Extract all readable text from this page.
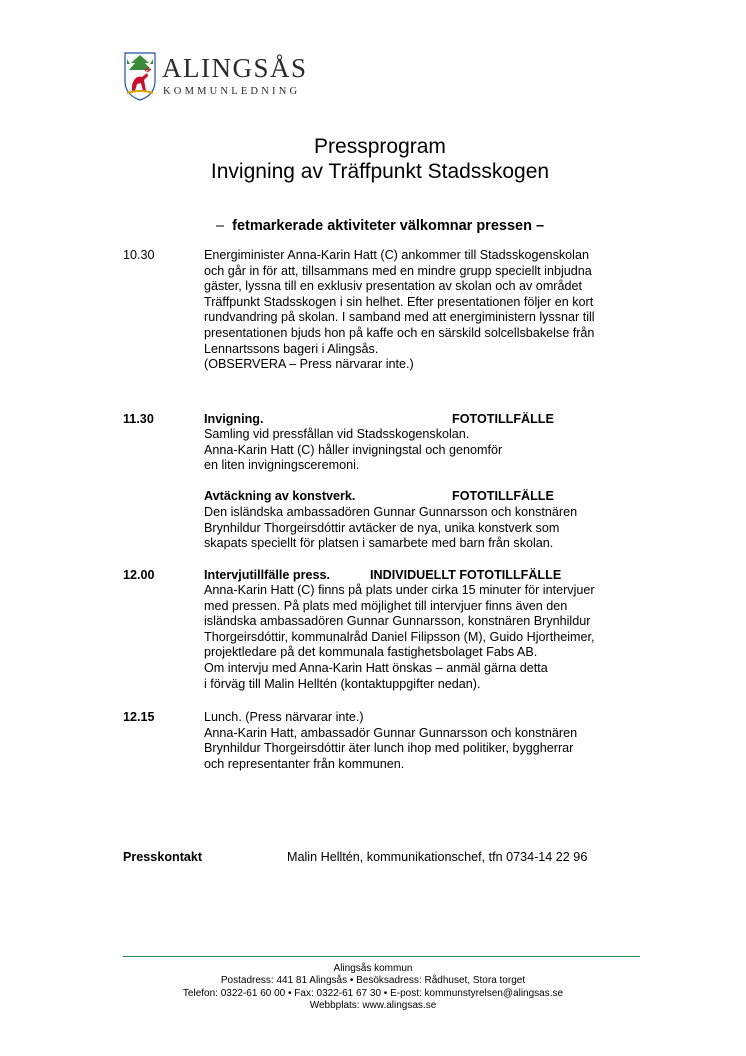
ALINGSÅS
KOMMUNLEDNING
Pressprogram
Invigning av Träffpunkt Stadsskogen
– fetmarkerade aktiviteter välkomnar pressen –
10.30	Energiminister Anna-Karin Hatt (C) ankommer till Stadsskogenskolan
och går in för att, tillsammans med en mindre grupp speciellt inbjudna
gäster, lyssna till en exklusiv presentation av skolan och av området
Träffpunkt Stadsskogen i sin helhet. Efter presentationen följer en kort
rundvandring på skolan. I samband med att energiministern lyssnar till
presentationen bjuds hon på kaffe och en särskild solcellsbakelse från
Lennartssons bageri i Alingsås.
(OBSERVERA – Press närvarar inte.)
11.30	Invigning.	FOTOTILLFÄLLE
Samling vid pressfållan vid Stadsskogenskolan.
Anna-Karin Hatt (C) håller invigningstal och genomför
en liten invigningsceremoni.
Avtäckning av konstverk.	FOTOTILLFÄLLE
Den isländska ambassadören Gunnar Gunnarsson och konstnären
Brynhildur Thorgeirsdóttir avtäcker de nya, unika konstverk som
skapats speciellt för platsen i samarbete med barn från skolan.
12.00	Intervjutillfälle press.	INDIVIDUELLT FOTOTILLFÄLLE
Anna-Karin Hatt (C) finns på plats under cirka 15 minuter för intervjuer
med pressen. På plats med möjlighet till intervjuer finns även den
isländska ambassadören Gunnar Gunnarsson, konstnären Brynhildur
Thorgeirsdóttir, kommunalråd Daniel Filipsson (M), Guido Hjortheimer,
projektledare på det kommunala fastighetsbolaget Fabs AB.
Om intervju med Anna-Karin Hatt önskas – anmäl gärna detta
i förväg till Malin Helltén (kontaktuppgifter nedan).
12.15	Lunch. (Press närvarar inte.)
Anna-Karin Hatt, ambassadör Gunnar Gunnarsson och konstnären
Brynhildur Thorgeirsdóttir äter lunch ihop med politiker, byggherrar
och representanter från kommunen.
Presskontakt	Malin Helltén, kommunikationschef, tfn 0734-14 22 96
Alingsås kommun
Postadress: 441 81 Alingsås • Besöksadress: Rådhuset, Stora torget
Telefon: 0322-61 60 00 • Fax: 0322-61 67 30 • E-post: kommunstyrelsen@alingsas.se
Webbplats: www.alingsas.se
